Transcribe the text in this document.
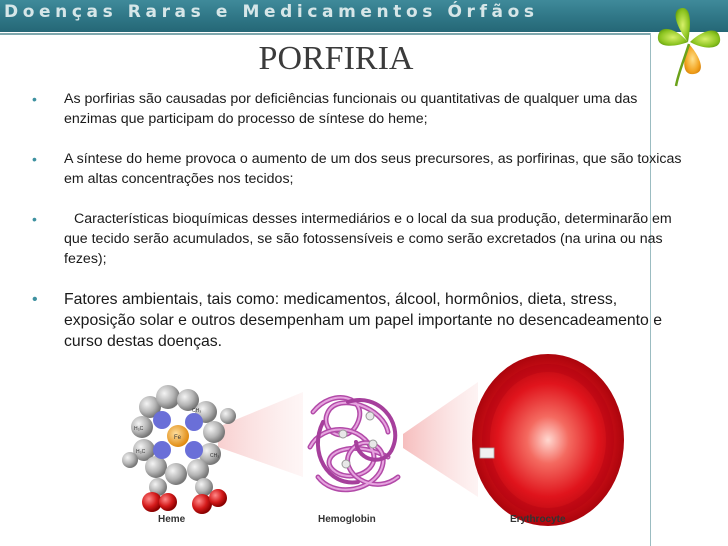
Doenças Raras e Medicamentos Órfãos
PORFIRIA
• As porfirias são causadas por deficiências funcionais ou quantitativas de qualquer uma das enzimas que participam do processo de síntese do heme;
• A síntese do heme provoca o aumento de um dos seus precursores, as porfirinas, que são toxicas em altas concentrações nos tecidos;
•	Características bioquímicas desses intermediários e o local da sua produção, determinarão em que tecido serão acumulados, se são fotossensíveis e como serão excretados (na urina ou nas fezes);
• Fatores ambientais, tais como: medicamentos, álcool, hormônios, dieta, stress, exposição solar e outros desempenham um papel importante no desencadeamento e curso destas doenças.
Fe
CH₃
CH₃
H₃C
H₃C
Heme	Hemoglobin	Erythrocyte
